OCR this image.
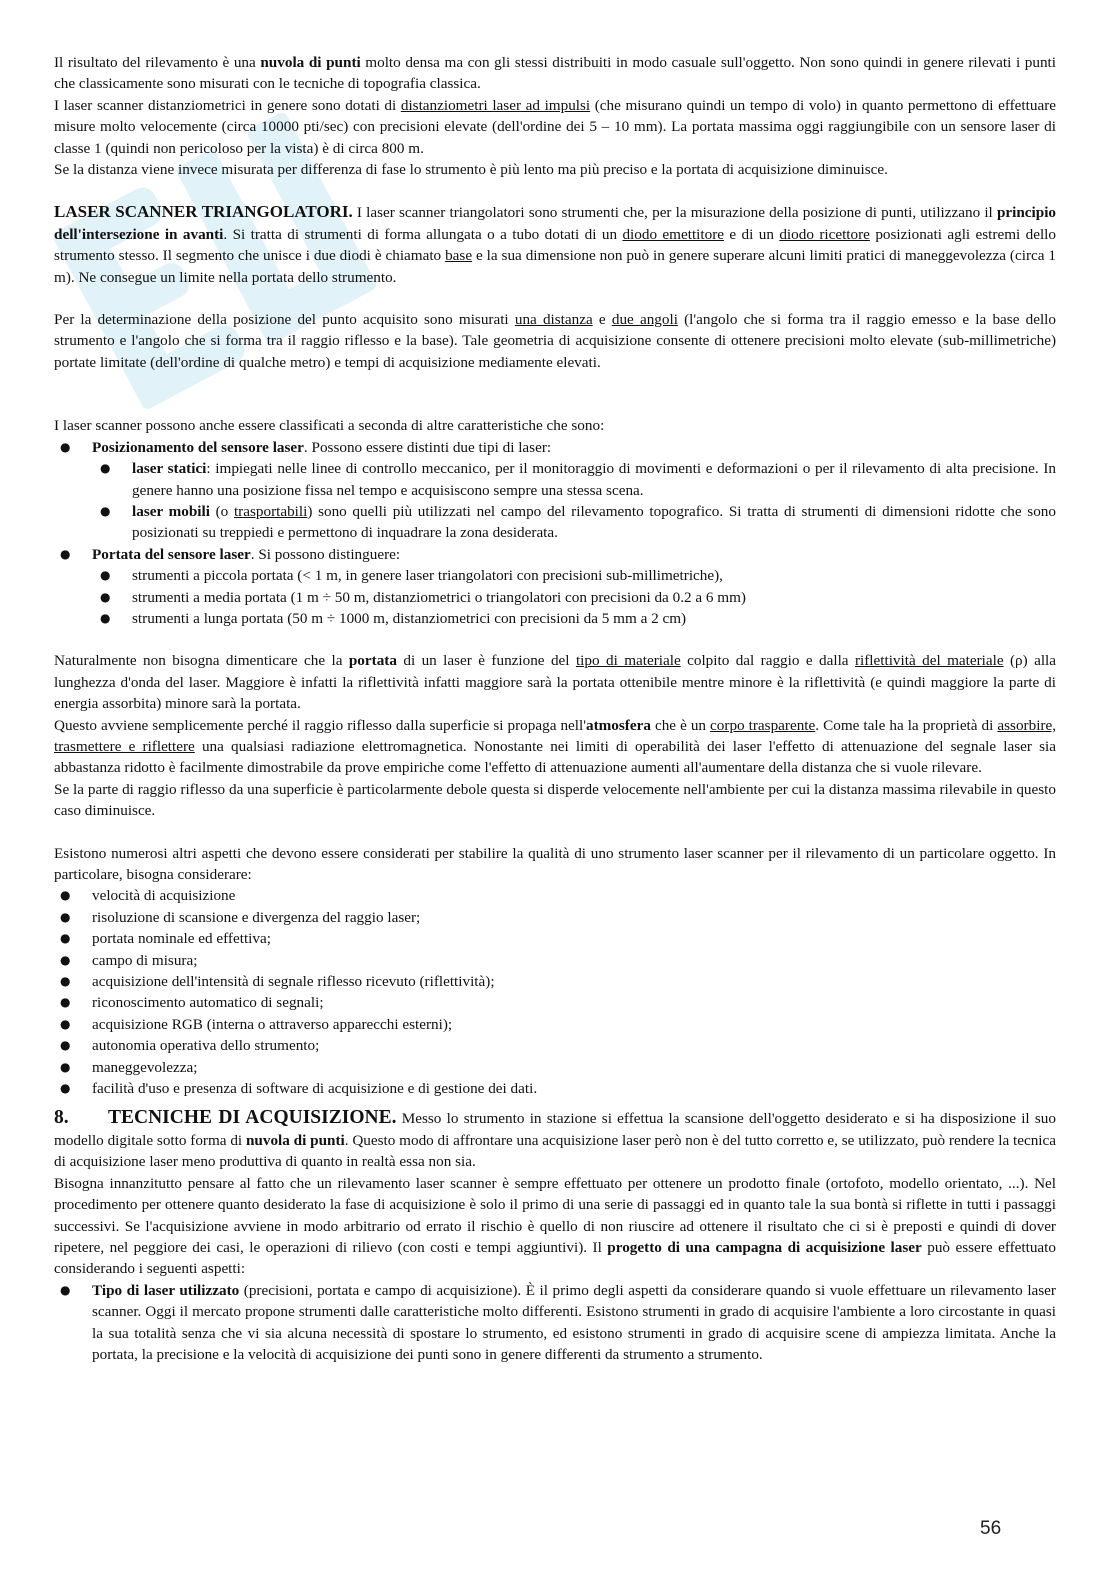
Il risultato del rilevamento è una nuvola di punti molto densa ma con gli stessi distribuiti in modo casuale sull'oggetto. Non sono quindi in genere rilevati i punti che classicamente sono misurati con le tecniche di topografia classica.

I laser scanner distanziometrici in genere sono dotati di distanziometri laser ad impulsi (che misurano quindi un tempo di volo) in quanto permettono di effettuare misure molto velocemente (circa 10000 pti/sec) con precisioni elevate (dell'ordine dei 5 – 10 mm). La portata massima oggi raggiungibile con un sensore laser di classe 1 (quindi non pericoloso per la vista) è di circa 800 m.

Se la distanza viene invece misurata per differenza di fase lo strumento è più lento ma più preciso e la portata di acquisizione diminuisce.

LASER SCANNER TRIANGOLATORI. I laser scanner triangolatori sono strumenti che, per la misurazione della posizione di punti, utilizzano il principio dell'intersezione in avanti. Si tratta di strumenti di forma allungata o a tubo dotati di un diodo emettitore e di un diodo ricettore posizionati agli estremi dello strumento stesso. Il segmento che unisce i due diodi è chiamato base e la sua dimensione non può in genere superare alcuni limiti pratici di maneggevolezza (circa 1 m). Ne consegue un limite nella portata dello strumento.

Per la determinazione della posizione del punto acquisito sono misurati una distanza e due angoli (l'angolo che si forma tra il raggio emesso e la base dello strumento e l'angolo che si forma tra il raggio riflesso e la base). Tale geometria di acquisizione consente di ottenere precisioni molto elevate (sub-millimetriche) portate limitate (dell'ordine di qualche metro) e tempi di acquisizione mediamente elevati.

I laser scanner possono anche essere classificati a seconda di altre caratteristiche che sono:

● Posizionamento del sensore laser. Possono essere distinti due tipi di laser:
● laser statici: impiegati nelle linee di controllo meccanico, per il monitoraggio di movimenti e deformazioni o per il rilevamento di alta precisione. In genere hanno una posizione fissa nel tempo e acquisiscono sempre una stessa scena.
● laser mobili (o trasportabili) sono quelli più utilizzati nel campo del rilevamento topografico. Si tratta di strumenti di dimensioni ridotte che sono posizionati su treppiedi e permettono di inquadrare la zona desiderata.
● Portata del sensore laser. Si possono distinguere:
● strumenti a piccola portata (< 1 m, in genere laser triangolatori con precisioni sub-millimetriche),
● strumenti a media portata (1 m ÷ 50 m, distanziometrici o triangolatori con precisioni da 0.2 a 6 mm)
● strumenti a lunga portata (50 m ÷ 1000 m, distanziometrici con precisioni da 5 mm a 2 cm)

Naturalmente non bisogna dimenticare che la portata di un laser è funzione del tipo di materiale colpito dal raggio e dalla riflettività del materiale (ρ) alla lunghezza d'onda del laser. Maggiore è infatti la riflettività infatti maggiore sarà la portata ottenibile mentre minore è la riflettività (e quindi maggiore la parte di energia assorbita) minore sarà la portata.

Questo avviene semplicemente perché il raggio riflesso dalla superficie si propaga nell'atmosfera che è un corpo trasparente. Come tale ha la proprietà di assorbire, trasmettere e riflettere una qualsiasi radiazione elettromagnetica. Nonostante nei limiti di operabilità dei laser l'effetto di attenuazione del segnale laser sia abbastanza ridotto è facilmente dimostrabile da prove empiriche come l'effetto di attenuazione aumenti all'aumentare della distanza che si vuole rilevare.

Se la parte di raggio riflesso da una superficie è particolarmente debole questa si disperde velocemente nell'ambiente per cui la distanza massima rilevabile in questo caso diminuisce.

Esistono numerosi altri aspetti che devono essere considerati per stabilire la qualità di uno strumento laser scanner per il rilevamento di un particolare oggetto. In particolare, bisogna considerare:

● velocità di acquisizione
● risoluzione di scansione e divergenza del raggio laser;
● portata nominale ed effettiva;
● campo di misura;
● acquisizione dell'intensità di segnale riflesso ricevuto (riflettività);
● riconoscimento automatico di segnali;
● acquisizione RGB (interna o attraverso apparecchi esterni);
● autonomia operativa dello strumento;
● maneggevolezza;
● facilità d'uso e presenza di software di acquisizione e di gestione dei dati.

8. TECNICHE DI ACQUISIZIONE. Messo lo strumento in stazione si effettua la scansione dell'oggetto desiderato e si ha disposizione il suo modello digitale sotto forma di nuvola di punti. Questo modo di affrontare una acquisizione laser però non è del tutto corretto e, se utilizzato, può rendere la tecnica di acquisizione laser meno produttiva di quanto in realtà essa non sia.

Bisogna innanzitutto pensare al fatto che un rilevamento laser scanner è sempre effettuato per ottenere un prodotto finale (ortofoto, modello orientato, ...). Nel procedimento per ottenere quanto desiderato la fase di acquisizione è solo il primo di una serie di passaggi ed in quanto tale la sua bontà si riflette in tutti i passaggi successivi. Se l'acquisizione avviene in modo arbitrario od errato il rischio è quello di non riuscire ad ottenere il risultato che ci si è preposti e quindi di dover ripetere, nel peggiore dei casi, le operazioni di rilievo (con costi e tempi aggiuntivi). Il progetto di una campagna di acquisizione laser può essere effettuato considerando i seguenti aspetti:

● Tipo di laser utilizzato (precisioni, portata e campo di acquisizione). È il primo degli aspetti da considerare quando si vuole effettuare un rilevamento laser scanner. Oggi il mercato propone strumenti dalle caratteristiche molto differenti. Esistono strumenti in grado di acquisire l'ambiente a loro circostante in quasi la sua totalità senza che vi sia alcuna necessità di spostare lo strumento, ed esistono strumenti in grado di acquisire scene di ampiezza limitata. Anche la portata, la precisione e la velocità di acquisizione dei punti sono in genere differenti da strumento a strumento.
56
